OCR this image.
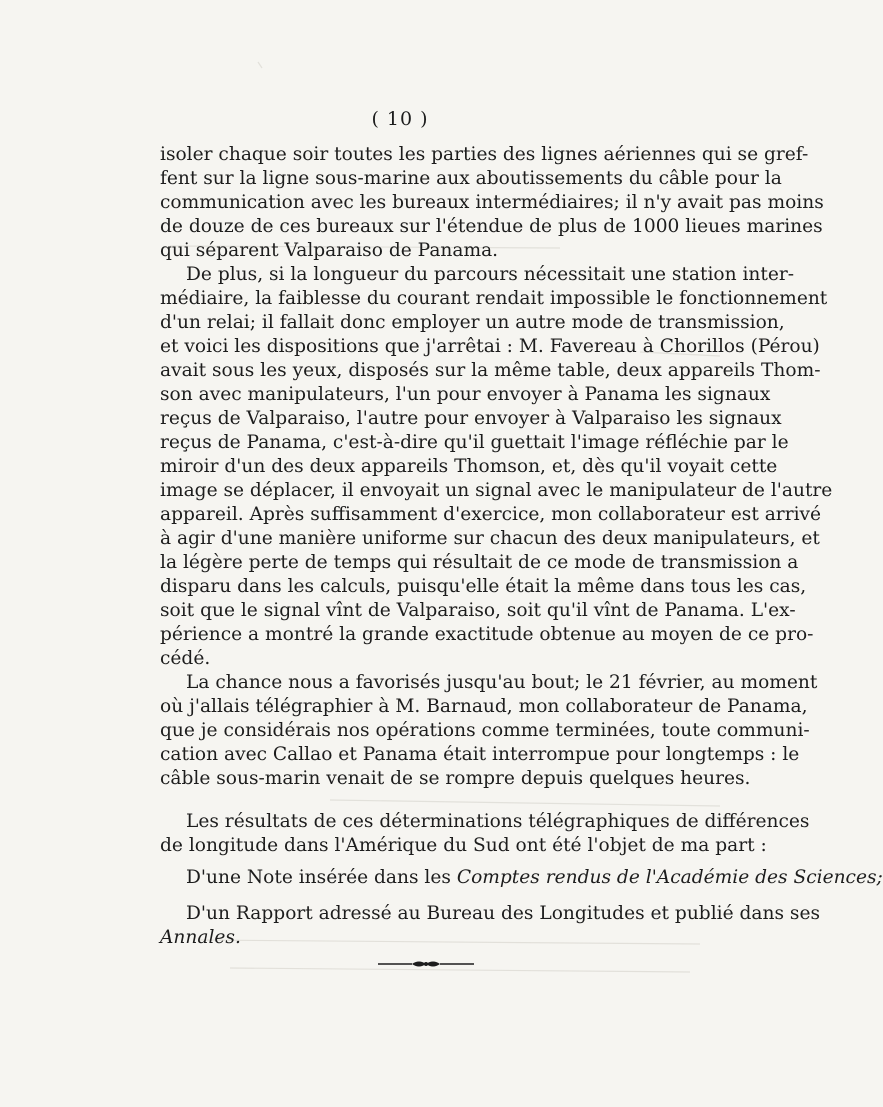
( 10 )
isoler chaque soir toutes les parties des lignes aériennes qui se gref-
fent sur la ligne sous-marine aux aboutissements du câble pour la
communication avec les bureaux intermédiaires; il n'y avait pas moins
de douze de ces bureaux sur l'étendue de plus de 1000 lieues marines
qui séparent Valparaiso de Panama.
De plus, si la longueur du parcours nécessitait une station inter-
médiaire, la faiblesse du courant rendait impossible le fonctionnement
d'un relai; il fallait donc employer un autre mode de transmission,
et voici les dispositions que j'arrêtai : M. Favereau à Chorillos (Pérou)
avait sous les yeux, disposés sur la même table, deux appareils Thom-
son avec manipulateurs, l'un pour envoyer à Panama les signaux
reçus de Valparaiso, l'autre pour envoyer à Valparaiso les signaux
reçus de Panama, c'est-à-dire qu'il guettait l'image réfléchie par le
miroir d'un des deux appareils Thomson, et, dès qu'il voyait cette
image se déplacer, il envoyait un signal avec le manipulateur de l'autre
appareil. Après suffisamment d'exercice, mon collaborateur est arrivé
à agir d'une manière uniforme sur chacun des deux manipulateurs, et
la légère perte de temps qui résultait de ce mode de transmission a
disparu dans les calculs, puisqu'elle était la même dans tous les cas,
soit que le signal vînt de Valparaiso, soit qu'il vînt de Panama. L'ex-
périence a montré la grande exactitude obtenue au moyen de ce pro-
cédé.
La chance nous a favorisés jusqu'au bout; le 21 février, au moment
où j'allais télégraphier à M. Barnaud, mon collaborateur de Panama,
que je considérais nos opérations comme terminées, toute communi-
cation avec Callao et Panama était interrompue pour longtemps : le
câble sous-marin venait de se rompre depuis quelques heures.
Les résultats de ces déterminations télégraphiques de différences
de longitude dans l'Amérique du Sud ont été l'objet de ma part :
D'une Note insérée dans les Comptes rendus de l'Académie des Sciences;
D'un Rapport adressé au Bureau des Longitudes et publié dans ses
Annales.
